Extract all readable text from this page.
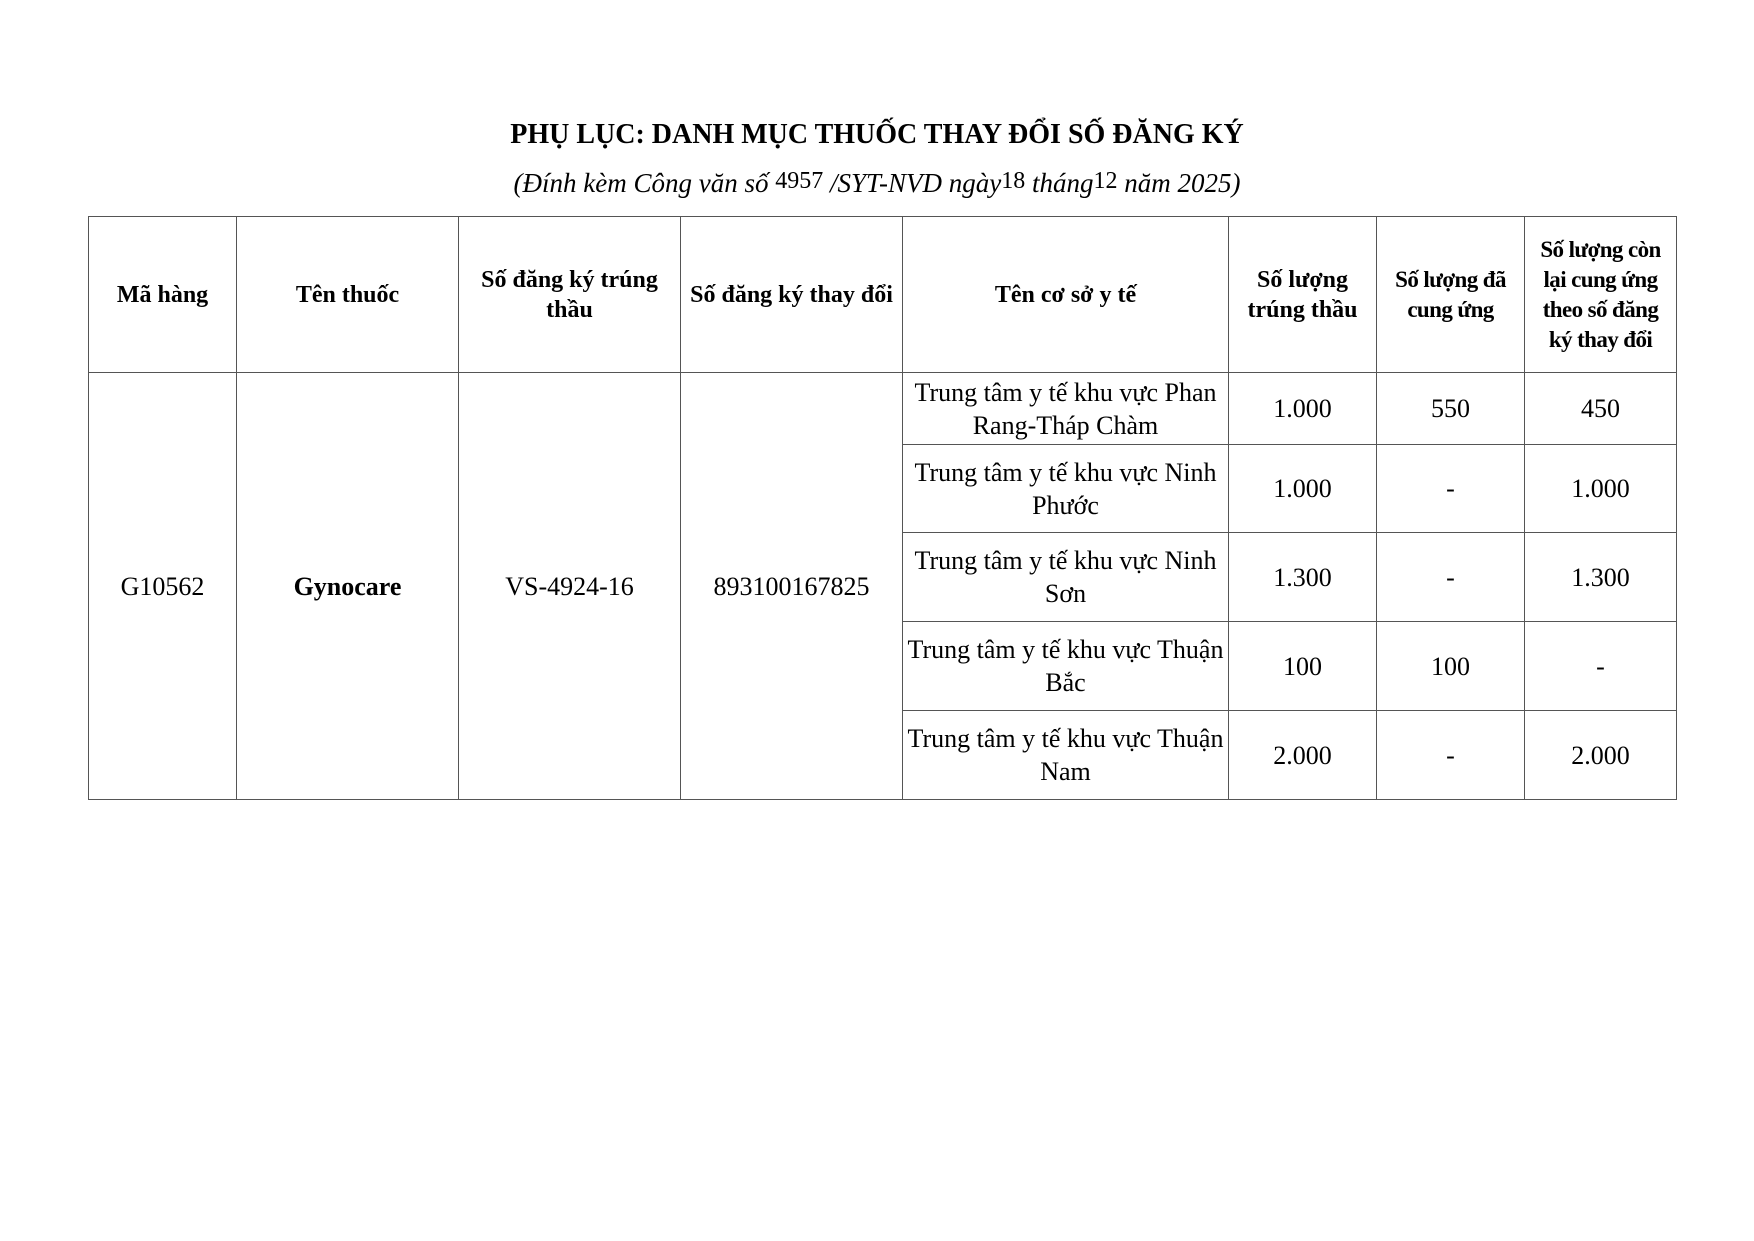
PHỤ LỤC: DANH MỤC THUỐC THAY ĐỔI SỐ ĐĂNG KÝ
(Đính kèm Công văn số 4957 /SYT-NVD ngày18 tháng12 năm 2025)
Mã hàng	Tên thuốc	Số đăng ký trúng thầu	Số đăng ký thay đổi	Tên cơ sở y tế	Số lượng trúng thầu	Số lượng đã cung ứng	Số lượng còn lại cung ứng theo số đăng ký thay đổi
G10562	Gynocare	VS-4924-16	893100167825	Trung tâm y tế khu vực Phan Rang-Tháp Chàm	1.000	550	450
				Trung tâm y tế khu vực Ninh Phước	1.000	-	1.000
				Trung tâm y tế khu vực Ninh Sơn	1.300	-	1.300
				Trung tâm y tế khu vực Thuận Bắc	100	100	-
				Trung tâm y tế khu vực Thuận Nam	2.000	-	2.000
